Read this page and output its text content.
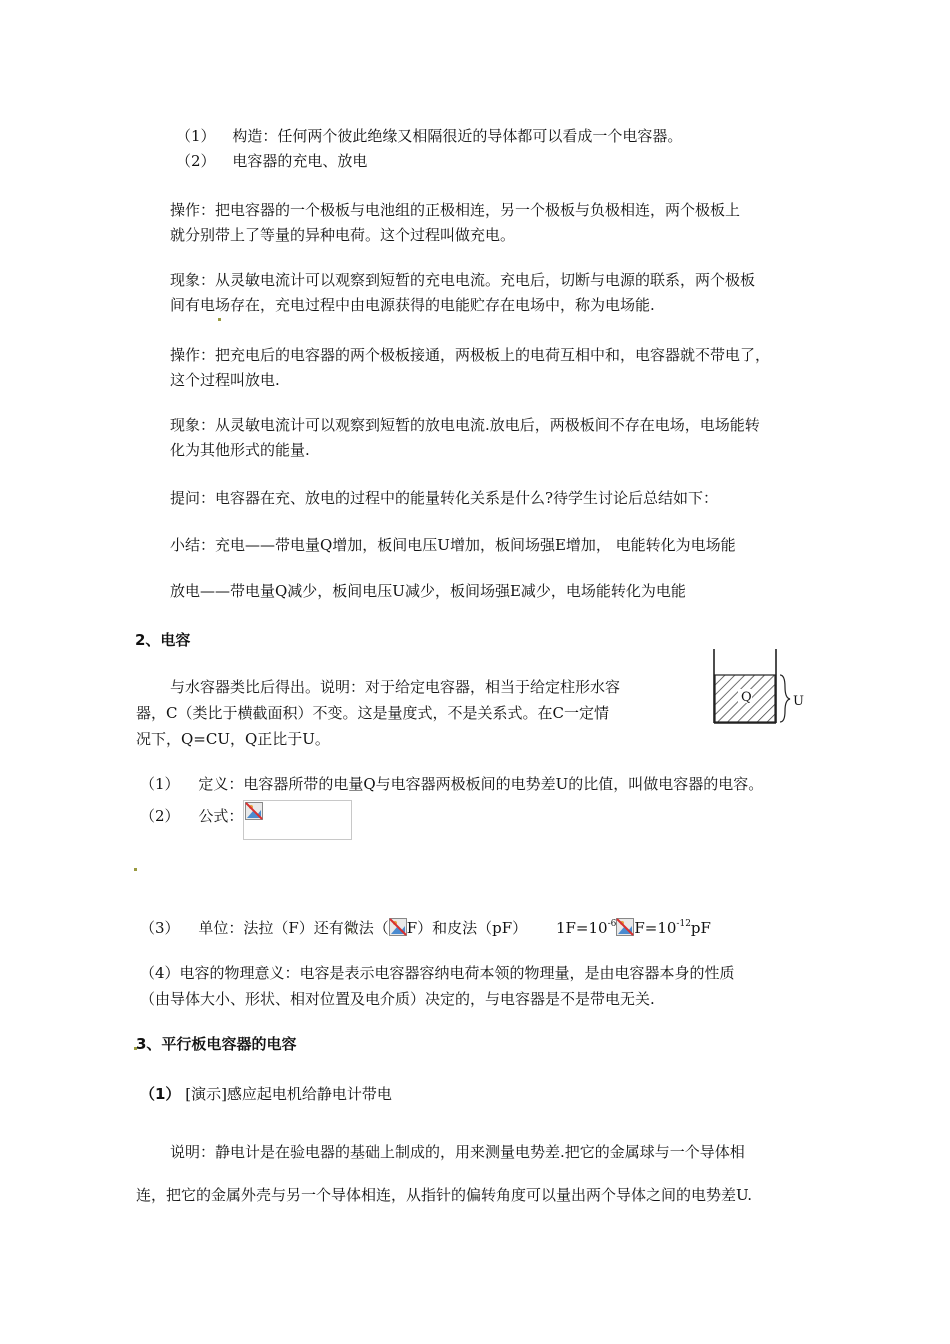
（1） 构造：任何两个彼此绝缘又相隔很近的导体都可以看成一个电容器。
（2） 电容器的充电、放电
操作：把电容器的一个极板与电池组的正极相连，另一个极板与负极相连，两个极板上
就分别带上了等量的异种电荷。这个过程叫做充电。
现象：从灵敏电流计可以观察到短暂的充电电流。充电后，切断与电源的联系，两个极板
间有电场存在，充电过程中由电源获得的电能贮存在电场中，称为电场能.
操作：把充电后的电容器的两个极板接通，两极板上的电荷互相中和，电容器就不带电了，
这个过程叫放电.
现象：从灵敏电流计可以观察到短暂的放电电流.放电后，两极板间不存在电场，电场能转
化为其他形式的能量.
提问：电容器在充、放电的过程中的能量转化关系是什么?待学生讨论后总结如下：
小结：充电——带电量Q增加，板间电压U增加，板间场强E增加， 电能转化为电场能
放电——带电量Q减少，板间电压U减少，板间场强E减少，电场能转化为电能
2、电容
与水容器类比后得出。说明：对于给定电容器，相当于给定柱形水容
器，C（类比于横截面积）不变。这是量度式，不是关系式。在C一定情
况下，Q=CU，Q正比于U。
Q	U
（1） 定义：电容器所带的电量Q与电容器两极板间的电势差U的比值，叫做电容器的电容。
（2） 公式：
（3） 单位：法拉（F）还有微法（ F）和皮法（pF） $1F=10^{-6}$ $F=10^{-12}pF$
（4）电容的物理意义：电容是表示电容器容纳电荷本领的物理量，是由电容器本身的性质
（由导体大小、形状、相对位置及电介质）决定的，与电容器是不是带电无关.
3、平行板电容器的电容
（1） [演示]感应起电机给静电计带电
说明：静电计是在验电器的基础上制成的，用来测量电势差.把它的金属球与一个导体相
连，把它的金属外壳与另一个导体相连，从指针的偏转角度可以量出两个导体之间的电势差U.
